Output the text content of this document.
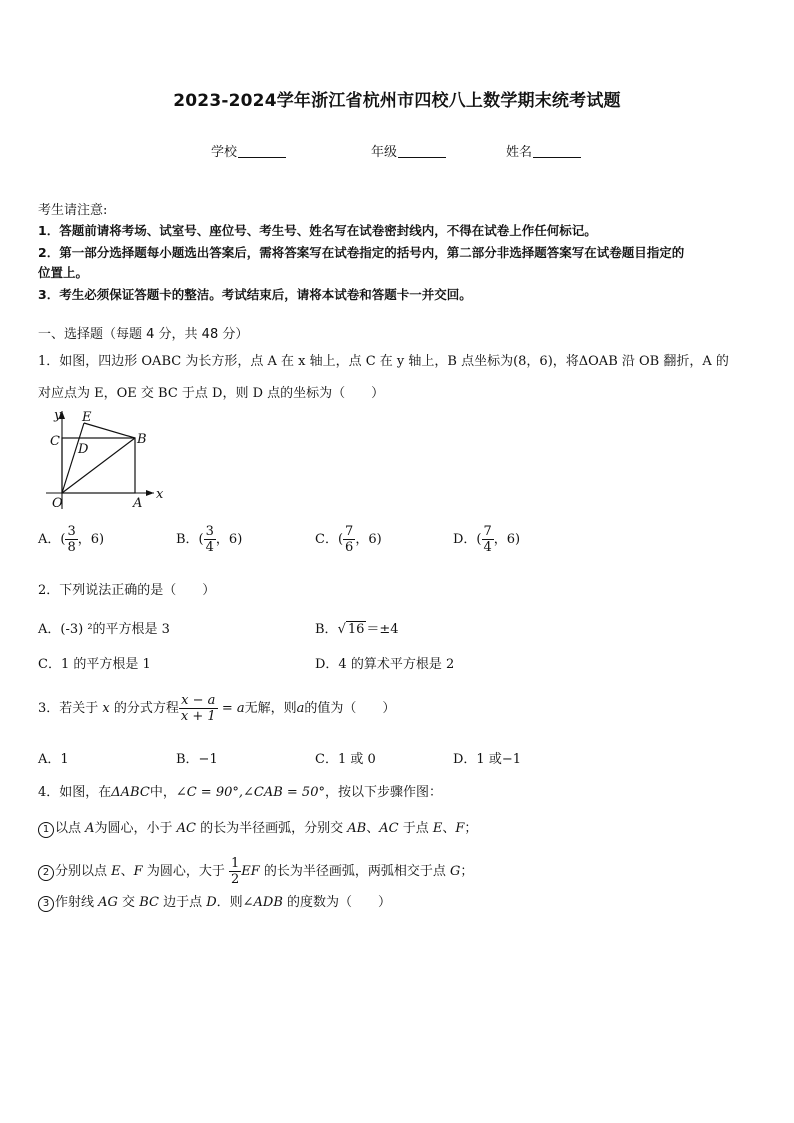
2023-2024学年浙江省杭州市四校八上数学期末统考试题
学校	年级	姓名
考生请注意:
1．答题前请将考场、试室号、座位号、考生号、姓名写在试卷密封线内，不得在试卷上作任何标记。
2．第一部分选择题每小题选出答案后，需将答案写在试卷指定的括号内，第二部分非选择题答案写在试卷题目指定的
位置上。
3．考生必须保证答题卡的整洁。考试结束后，请将本试卷和答题卡一并交回。
一、选择题（每题 4 分，共 48 分）
1．如图，四边形 OABC 为长方形，点 A 在 x 轴上，点 C 在 y 轴上，B 点坐标为(8，6)，将ΔOAB 沿 OB 翻折，A 的
对应点为 E，OE 交 BC 于点 D，则 D 点的坐标为（　　）
y
x
E
C	B
D
O	A
A．( $\frac{3}{8}$ ，6)	B．( $\frac{3}{4}$ ，6)	C．( $\frac{7}{6}$ ，6)	D．( $\frac{7}{4}$ ，6)
2．下列说法正确的是（　　）
A．(-3) ²的平方根是 3	B．√ 16 ＝±4
C．1 的平方根是 1	D．4 的算术平方根是 2
3．若关于 x 的分式方程 $\frac{x - a}{x + 1} = a$无解，则a的值为（　　）
A．1	B．−1	C．1 或 0	D．1 或−1
4．如图，在ΔABC中，∠C = 90°,∠CAB = 50°，按以下步骤作图：
1 以点 A为圆心，小于 AC 的长为半径画弧，分别交 AB、AC 于点 E、F；
2 分别以点 E、F 为圆心，大于 $\frac{1}{2}$ EF 的长为半径画弧，两弧相交于点 G；
3 作射线 AG 交 BC 边于点 D．则∠ADB 的度数为（　　）
